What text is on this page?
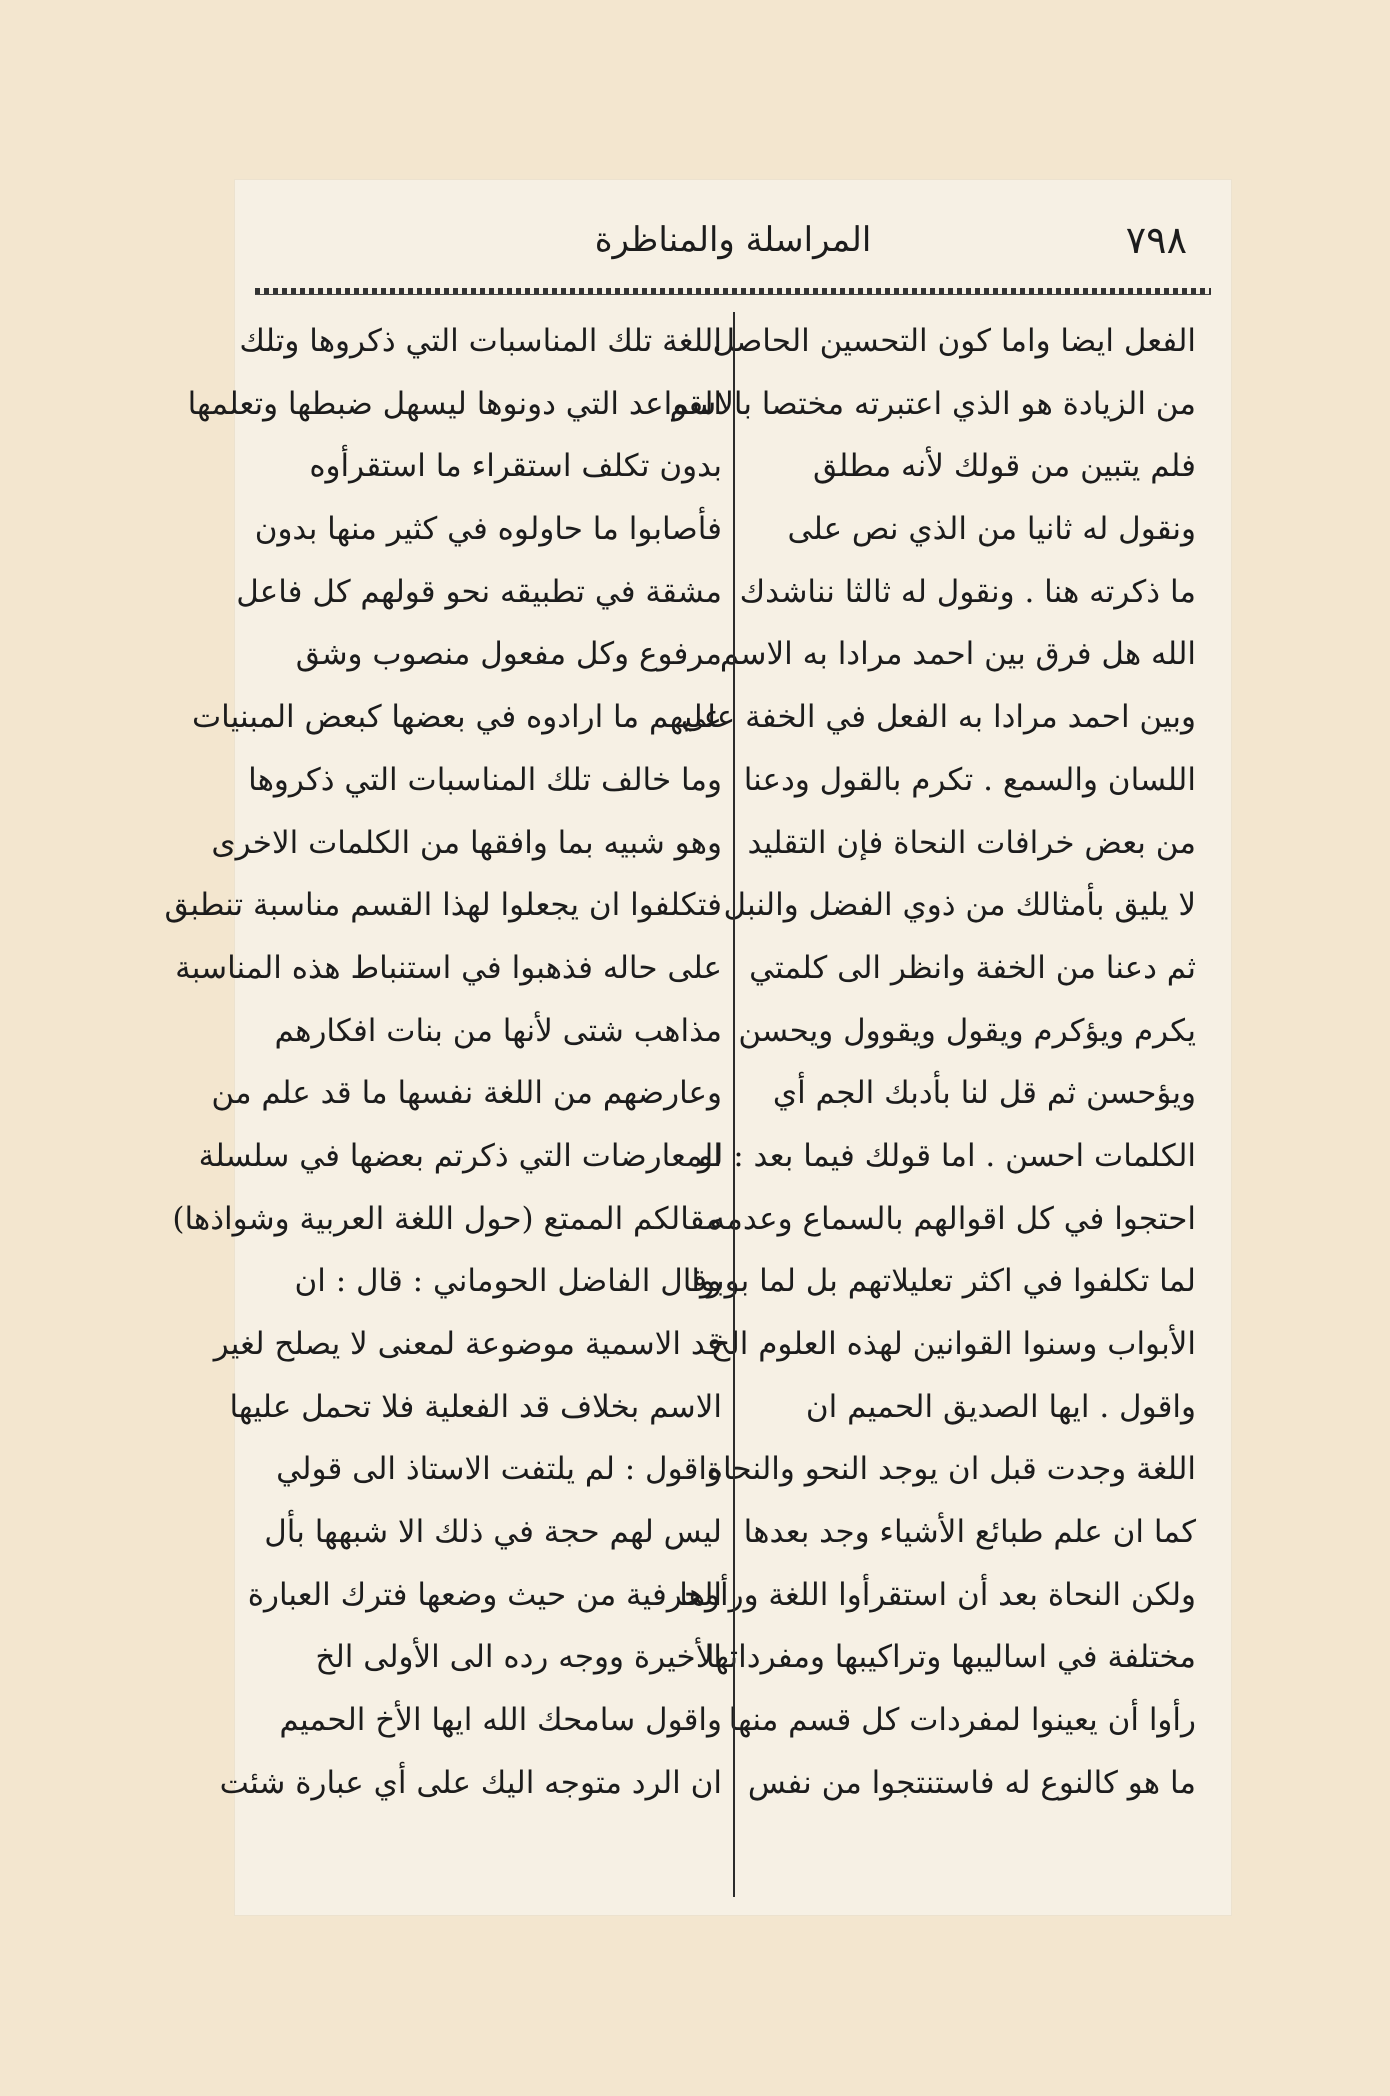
٧٩٨
المراسلة والمناظرة
الفعل ايضا واما كون التحسين الحاصل
من الزيادة هو الذي اعتبرته مختصا بالاسم
فلم يتبين من قولك لأنه مطلق
ونقول له ثانيا من الذي نص على
ما ذكرته هنا . ونقول له ثالثا نناشدك
الله هل فرق بين احمد مرادا به الاسم
وبين احمد مرادا به الفعل في الخفة على
اللسان والسمع . تكرم بالقول ودعنا
من بعض خرافات النحاة فإن التقليد
لا يليق بأمثالك من ذوي الفضل والنبل
ثم دعنا من الخفة وانظر الى كلمتي
يكرم ويؤكرم ويقول ويقوول ويحسن
ويؤحسن ثم قل لنا بأدبك الجم أي
الكلمات احسن . اما قولك فيما بعد : لو
احتجوا في كل اقوالهم بالسماع وعدمه
لما تكلفوا في اكثر تعليلاتهم بل لما بوبوا
الأبواب وسنوا القوانين لهذه العلوم الخ
واقول . ايها الصديق الحميم ان
اللغة وجدت قبل ان يوجد النحو والنحاة
كما ان علم طبائع الأشياء وجد بعدها
ولكن النحاة بعد أن استقرأوا اللغة ورأوها
مختلفة في اساليبها وتراكيبها ومفرداتها
رأوا أن يعينوا لمفردات كل قسم منها
ما هو كالنوع له فاستنتجوا من نفس
اللغة تلك المناسبات التي ذكروها وتلك
القواعد التي دونوها ليسهل ضبطها وتعلمها
بدون تكلف استقراء ما استقرأوه
فأصابوا ما حاولوه في كثير منها بدون
مشقة في تطبيقه نحو قولهم كل فاعل
مرفوع وكل مفعول منصوب وشق
عليهم ما ارادوه في بعضها كبعض المبنيات
وما خالف تلك المناسبات التي ذكروها
وهو شبيه بما وافقها من الكلمات الاخرى
فتكلفوا ان يجعلوا لهذا القسم مناسبة تنطبق
على حاله فذهبوا في استنباط هذه المناسبة
مذاهب شتى لأنها من بنات افكارهم
وعارضهم من اللغة نفسها ما قد علم من
المعارضات التي ذكرتم بعضها في سلسلة
مقالكم الممتع (حول اللغة العربية وشواذها)
وقال الفاضل الحوماني : قال : ان
قد الاسمية موضوعة لمعنى لا يصلح لغير
الاسم بخلاف قد الفعلية فلا تحمل عليها
واقول : لم يلتفت الاستاذ الى قولي
ليس لهم حجة في ذلك الا شبهها بأل
الحرفية من حيث وضعها فترك العبارة
الأخيرة ووجه رده الى الأولى الخ
واقول سامحك الله ايها الأخ الحميم
ان الرد متوجه اليك على أي عبارة شئت
